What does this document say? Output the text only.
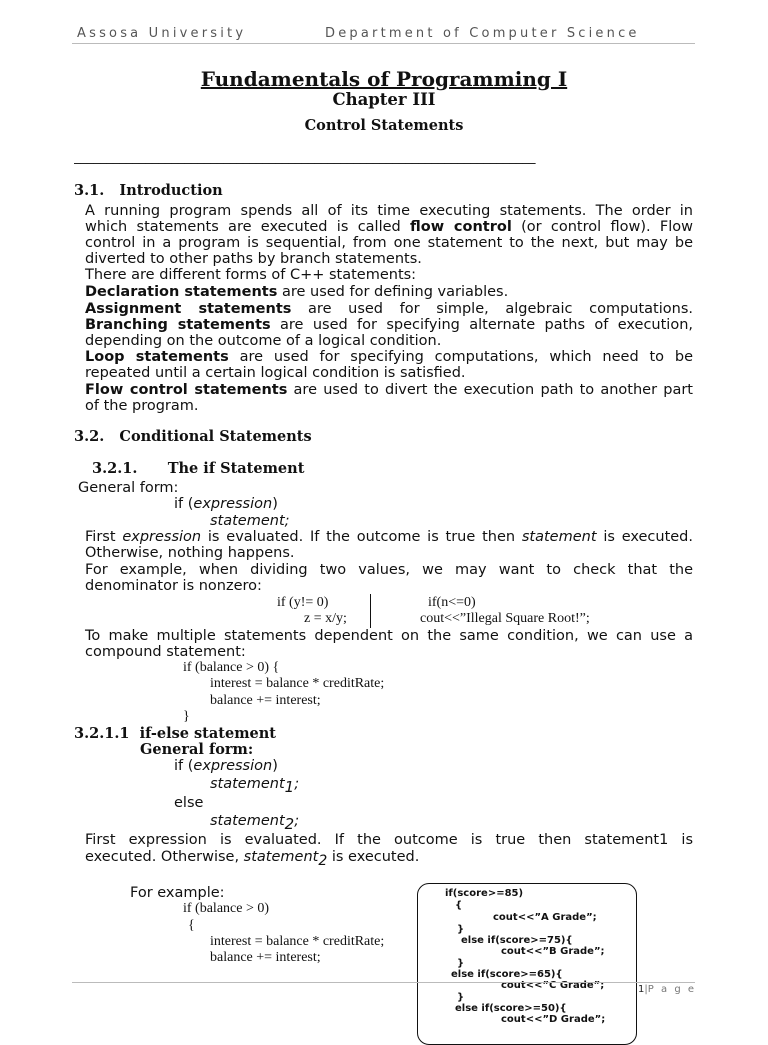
Assosa University	Department of Computer Science
Fundamentals of Programming I
Chapter III
Control Statements
_______________________________________________________________________
3.1.   Introduction
A running program spends all of its time executing statements. The order in
which statements are executed is called flow control (or control flow). Flow
control in a program is sequential, from one statement to the next, but may be
diverted to other paths by branch statements.
There are different forms of C++ statements:
Declaration statements are used for defining variables.
Assignment statements are used for simple, algebraic computations.
Branching statements are used for specifying alternate paths of execution,
depending on the outcome of a logical condition.
Loop statements are used for specifying computations, which need to be
repeated until a certain logical condition is satisfied.
Flow control statements are used to divert the execution path to another part
of the program.
3.2.   Conditional Statements
3.2.1.      The if Statement
General form:
if (expression)
statement;
First expression is evaluated. If the outcome is true then statement is executed.
Otherwise, nothing happens.
For example, when dividing two values, we may want to check that the
denominator is nonzero:
if (y!= 0)
z = x/y;
if(n<=0)
cout<<”Illegal Square Root!”;
To make multiple statements dependent on the same condition, we can use a
compound statement:
if (balance > 0) {
interest = balance * creditRate;
balance += interest;
}
3.2.1.1  if-else statement
General form:
if (expression)
statement1;
else
statement2;
First expression is evaluated. If the outcome is true then statement1 is
executed. Otherwise, statement2 is executed.
For example:
if (balance > 0)
{
interest = balance * creditRate;
balance += interest;
if(score>=85)
{
cout<<”A Grade”;
}
else if(score>=75){
cout<<”B Grade”;
}
else if(score>=65){
cout<<”C Grade”;
}
else if(score>=50){
cout<<”D Grade”;
1|P a g e
